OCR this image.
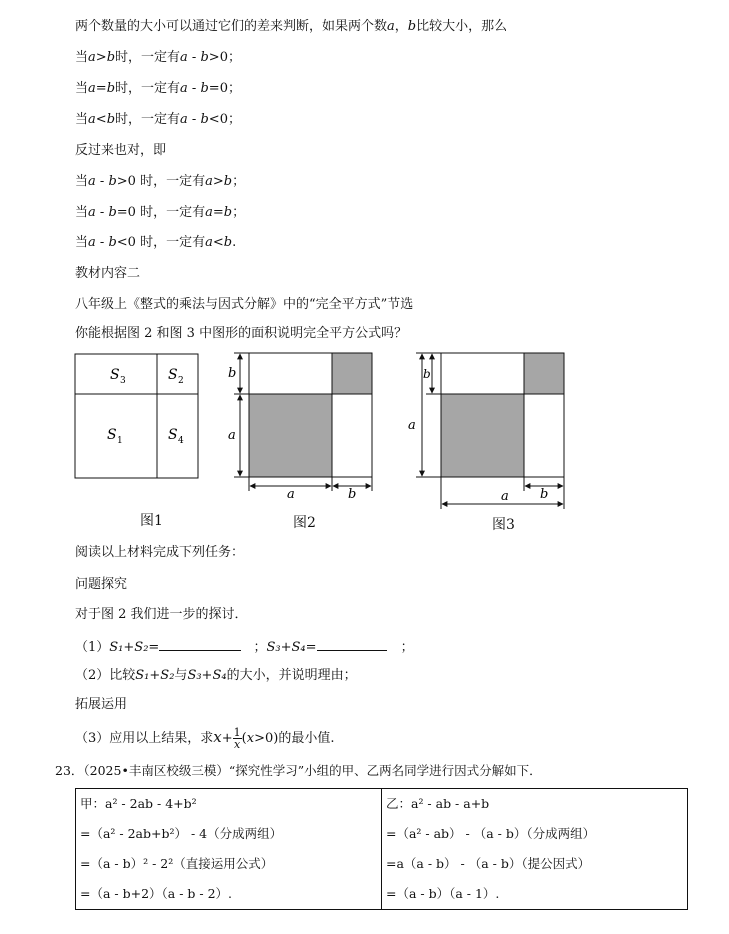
两个数量的大小可以通过它们的差来判断，如果两个数a，b比较大小，那么
当a>b时，一定有a - b>0；
当a=b时，一定有a - b=0；
当a<b时，一定有a - b<0；
反过来也对，即
当a - b>0 时，一定有a>b；
当a - b=0 时，一定有a=b；
当a - b<0 时，一定有a<b.
教材内容二
八年级上《整式的乘法与因式分解》中的“完全平方式”节选
你能根据图 2 和图 3 中图形的面积说明完全平方公式吗？
S 3	S 2
S 1	S 4
图1
b
a
a	b
图2
b
a
b
a
图3
阅读以上材料完成下列任务：
问题探究
对于图 2 我们进一步的探讨．
（1）S₁+S₂=	；S₃+S₄=	；
（2）比较S₁+S₂与S₃+S₄的大小，并说明理由；
拓展运用
（3）应用以上结果，求$x+ \frac{1}{x} (x>0)$的最小值.
23．（2025•丰南区校级三模）“探究性学习”小组的甲、乙两名同学进行因式分解如下．
甲：a² - 2ab - 4+b²
=（a² - 2ab+b²） - 4（分成两组）
=（a - b）² - 2²（直接运用公式）
=（a - b+2）（a - b - 2）.

乙：a² - ab - a+b
=（a² - ab） - （a - b）（分成两组）
=a（a - b） - （a - b）（提公因式）
=（a - b）（a - 1）.
